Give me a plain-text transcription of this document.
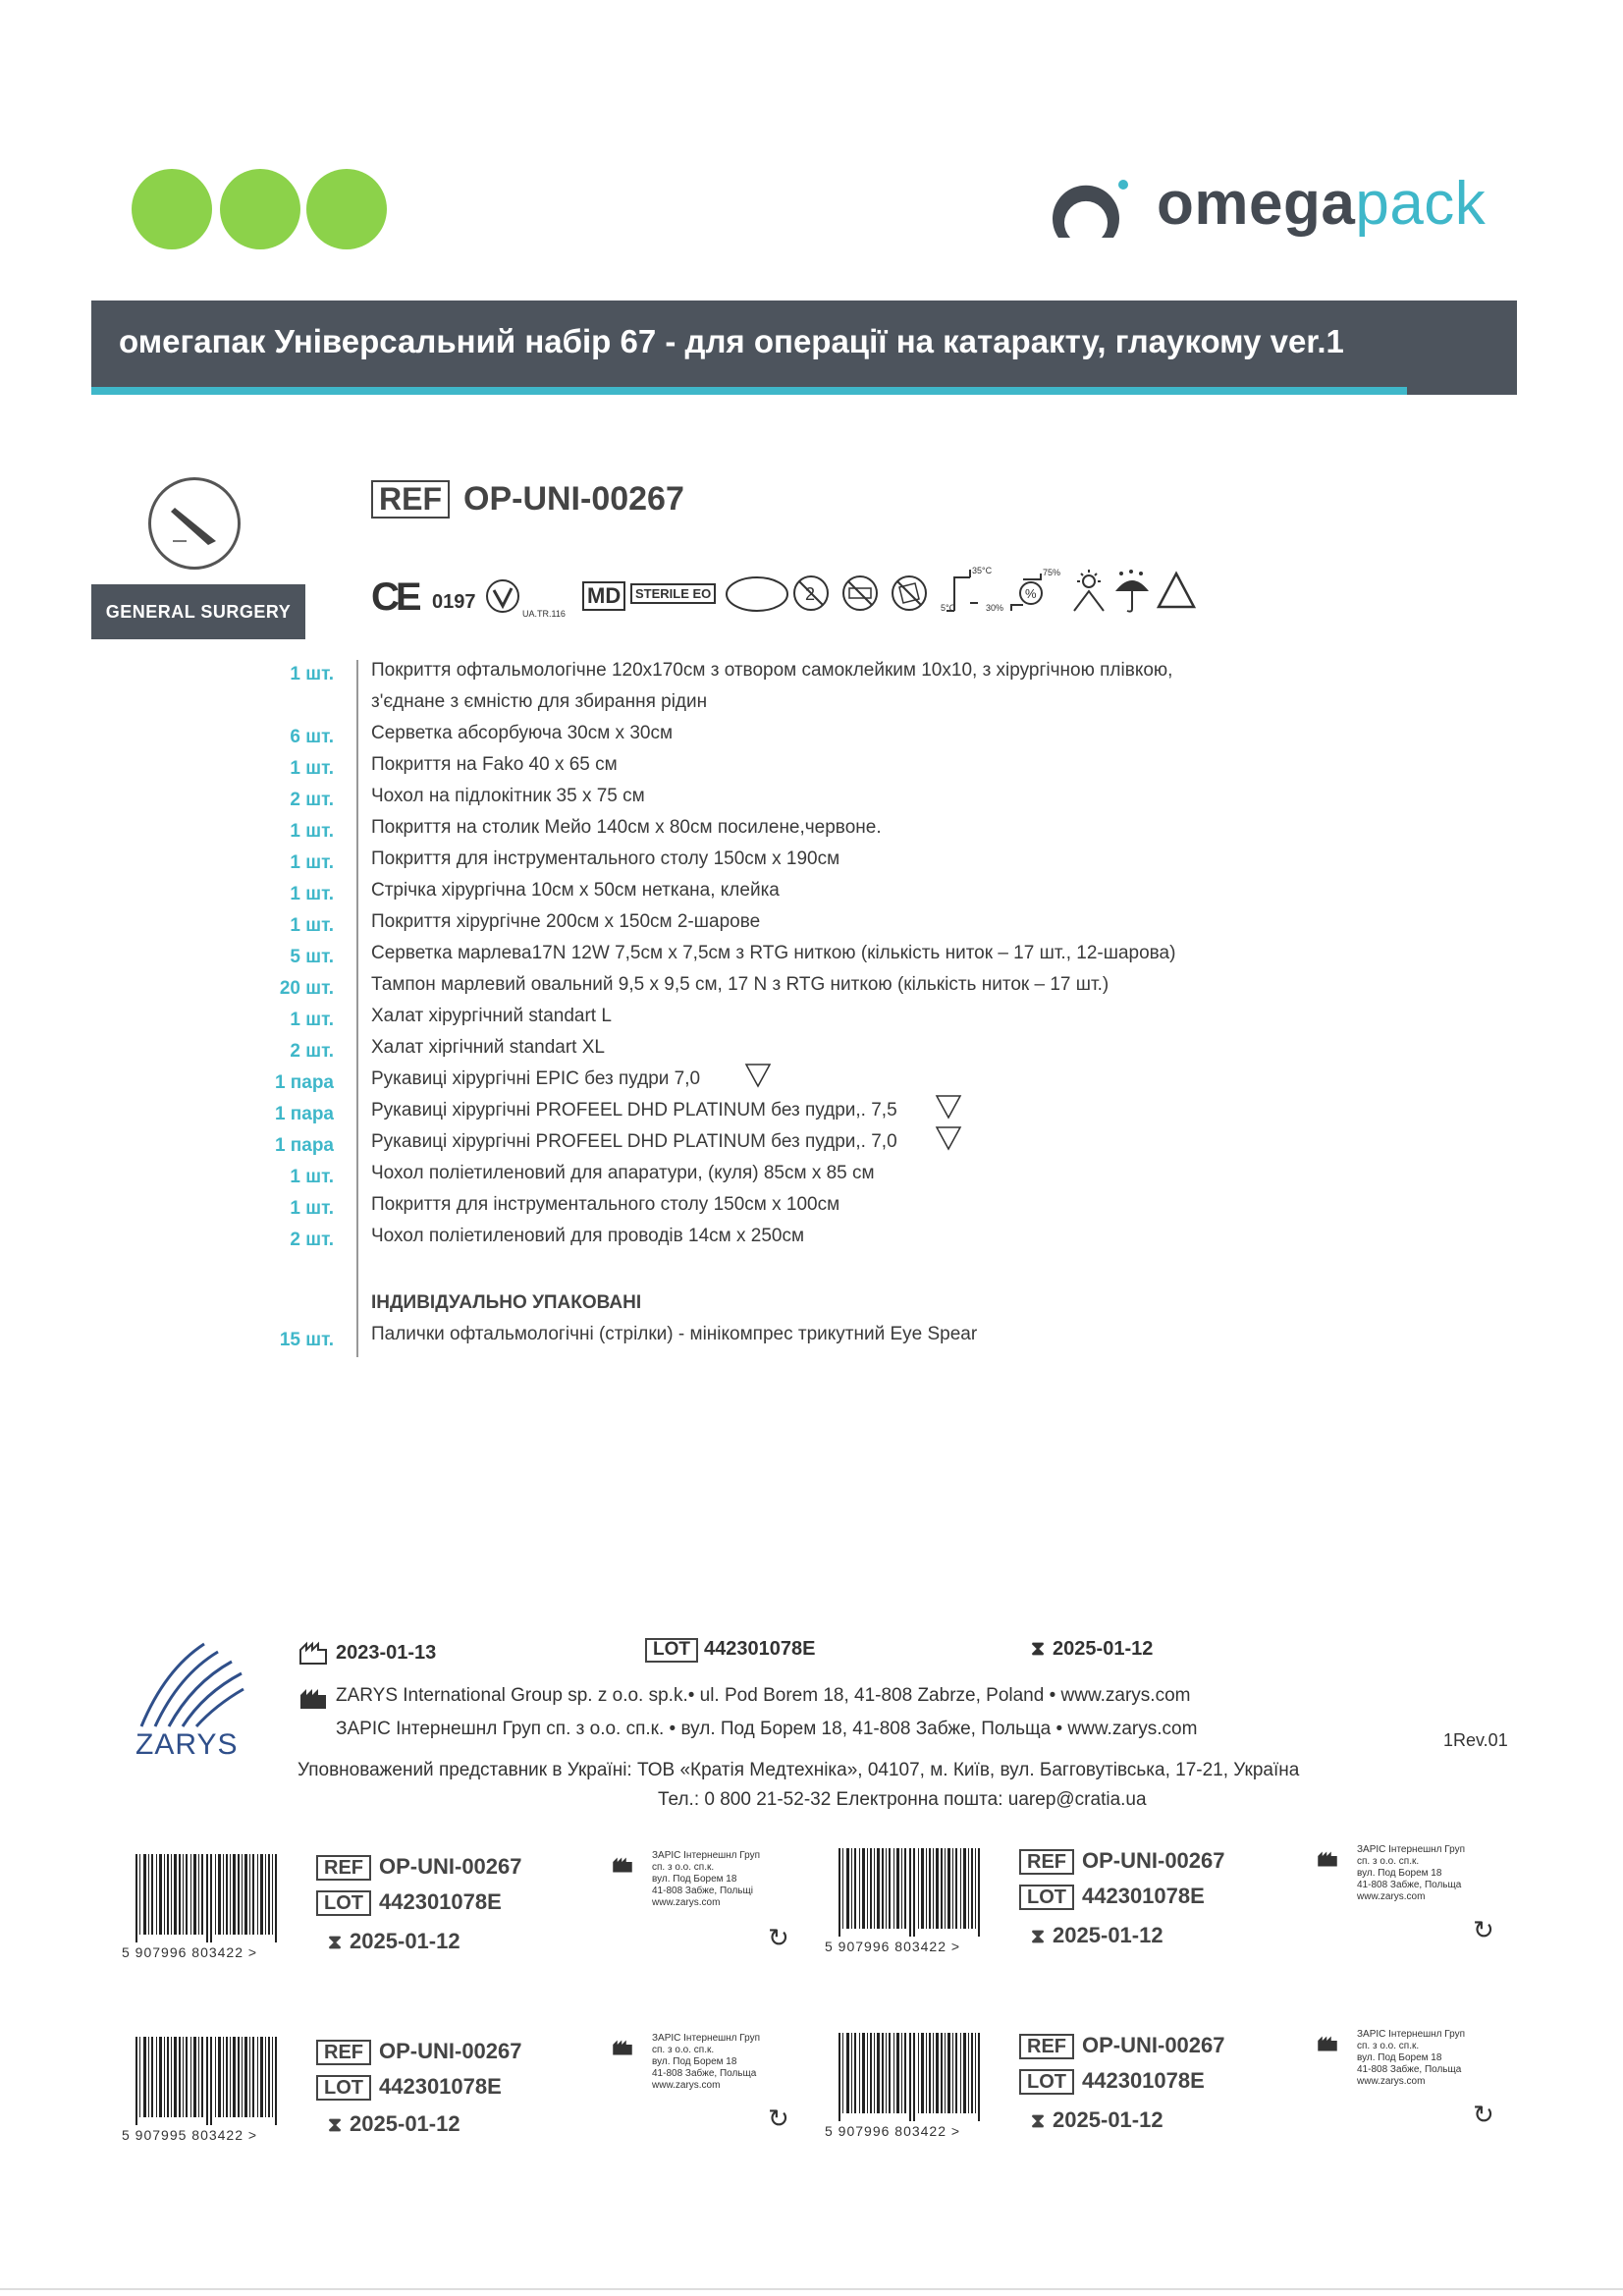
omegapack
омегапак Універсальний набір 67 - для операції на катаракту, глаукому ver.1
GENERAL SURGERY
REF OP-UNI-00267
CE 0197
UA.TR.116
MD	STERILE EO	2
35°C
5°C
%
75%
30%
1 шт. Покриття офтальмологічне 120х170см з отвором самоклейким 10х10, з хірургічною плівкою,
з'єднане з ємністю для збирання рідин
6 шт. Серветка абсорбуюча 30см х 30см
1 шт. Покриття на Fako 40 х 65 см
2 шт. Чохол на підлокітник 35 х 75 см
1 шт. Покриття на столик Мейо 140см х 80см посилене,червоне.
1 шт. Покриття для інструментального столу 150см х 190см
1 шт. Стрічка хірургічна 10см х 50см неткана, клейка
1 шт. Покриття хірургічне 200см х 150см 2-шарове
5 шт. Серветка марлева17N 12W 7,5см х 7,5см з RTG ниткою (кількість ниток – 17 шт., 12-шарова)
20 шт. Тампон марлевий овальний 9,5 х 9,5 см, 17 N з RTG ниткою (кількість ниток – 17 шт.)
1 шт. Халат хірургічний standart L
2 шт. Халат хіргічний standart XL
1 пара Рукавиці хірургічні EPIC без пудри 7,0
1 пара Рукавиці хірургічні PROFEEL DHD PLATINUM без пудри,. 7,5
1 пара Рукавиці хірургічні PROFEEL DHD PLATINUM без пудри,. 7,0
1 шт. Чохол поліетиленовий для апаратури, (куля) 85см х 85 см
1 шт. Покриття для інструментального столу 150см х 100см
2 шт. Чохол поліетиленовий для проводів 14см х 250см
ІНДИВІДУАЛЬНО УПАКОВАНІ
15 шт. Палички офтальмологічні (стрілки) - мінікомпрес трикутний Eye Spear
ZARYS
2023-01-13	LOT 442301078E	⧗ 2025-01-12
ZARYS International Group sp. z o.o. sp.k.• ul. Pod Borem 18, 41-808 Zabrze, Poland • www.zarys.com
ЗАРІС Інтернешнл Груп сп. з о.о. сп.к. • вул. Под Борем 18, 41-808 Забже, Польща • www.zarys.com
1Rev.01
Уповноважений представник в Україні: ТОВ «Кратія Медтехніка», 04107, м. Київ, вул. Багговутівська, 17-21, Україна
Тел.: 0 800 21-52-32 Електронна пошта: uarep@cratia.ua
5 907996 803422 >
REF OP-UNI-00267
LOT 442301078E
⧗ 2025-01-12
ЗАРІС Інтернешнл Груп
сп. з о.о. сп.к.
вул. Под Борем 18
41-808 Забже, Польщі
www.zarys.com
↻	5 907996 803422 >
REF OP-UNI-00267
LOT 442301078E
⧗ 2025-01-12
ЗАРІС Інтернешнл Груп
сп. з о.о. сп.к.
вул. Под Борем 18
41-808 Забже, Польща
www.zarys.com
↻
5 907995 803422 >
REF OP-UNI-00267
LOT 442301078E
⧗ 2025-01-12
ЗАРІС Інтернешнл Груп
сп. з о.о. сп.к.
вул. Под Борем 18
41-808 Забже, Польща
www.zarys.com
↻	5 907996 803422 >
REF OP-UNI-00267
LOT 442301078E
⧗ 2025-01-12
ЗАРІС Інтернешнл Груп
сп. з о.о. сп.к.
вул. Под Борем 18
41-808 Забже, Польща
www.zarys.com
↻
